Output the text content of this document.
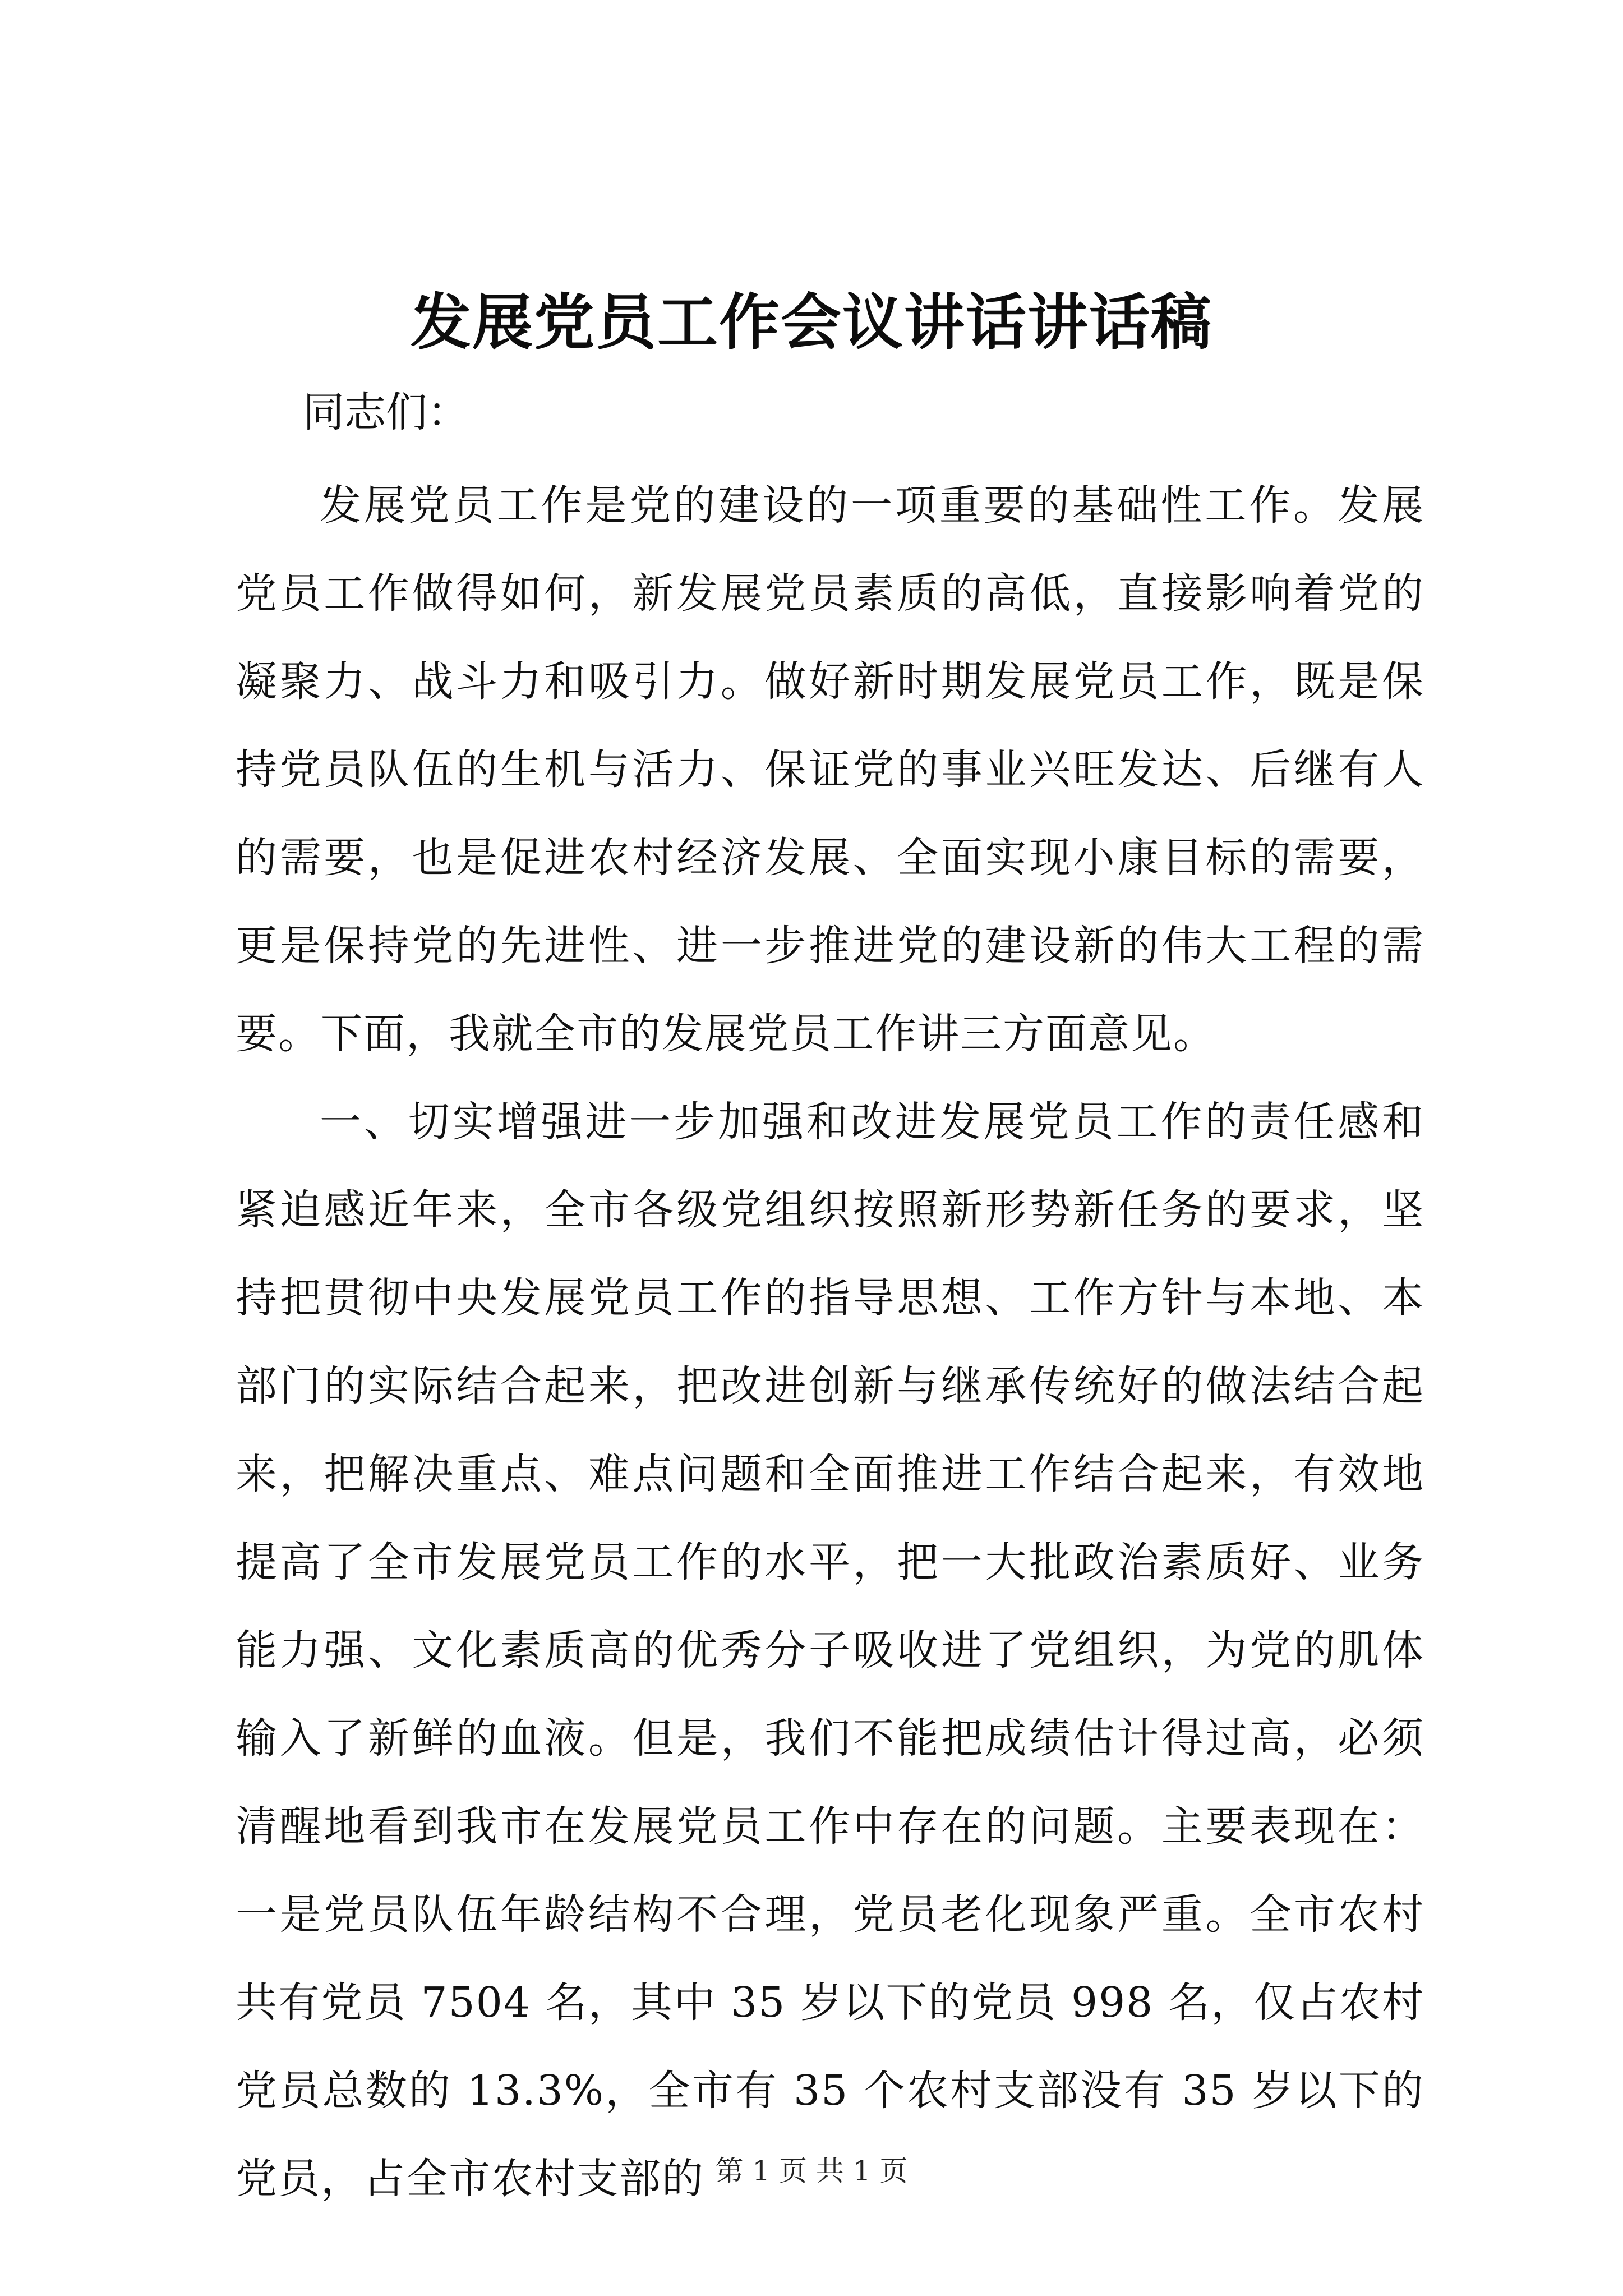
发展党员工作会议讲话讲话稿

同志们：

发展党员工作是党的建设的一项重要的基础性工作。发展党员工作做得如何，新发展党员素质的高低，直接影响着党的凝聚力、战斗力和吸引力。做好新时期发展党员工作，既是保持党员队伍的生机与活力、保证党的事业兴旺发达、后继有人的需要，也是促进农村经济发展、全面实现小康目标的需要，更是保持党的先进性、进一步推进党的建设新的伟大工程的需要。下面，我就全市的发展党员工作讲三方面意见。

一、切实增强进一步加强和改进发展党员工作的责任感和紧迫感近年来，全市各级党组织按照新形势新任务的要求，坚持把贯彻中央发展党员工作的指导思想、工作方针与本地、本部门的实际结合起来，把改进创新与继承传统好的做法结合起来，把解决重点、难点问题和全面推进工作结合起来，有效地提高了全市发展党员工作的水平，把一大批政治素质好、业务能力强、文化素质高的优秀分子吸收进了党组织，为党的肌体输入了新鲜的血液。但是，我们不能把成绩估计得过高，必须清醒地看到我市在发展党员工作中存在的问题。主要表现在：一是党员队伍年龄结构不合理，党员老化现象严重。全市农村共有党员 7504 名，其中 35 岁以下的党员 998 名，仅占农村党员总数的 13.3%，全市有 35 个农村支部没有 35 岁以下的党员，占全市农村支部的 第 1 页 共 1 页
